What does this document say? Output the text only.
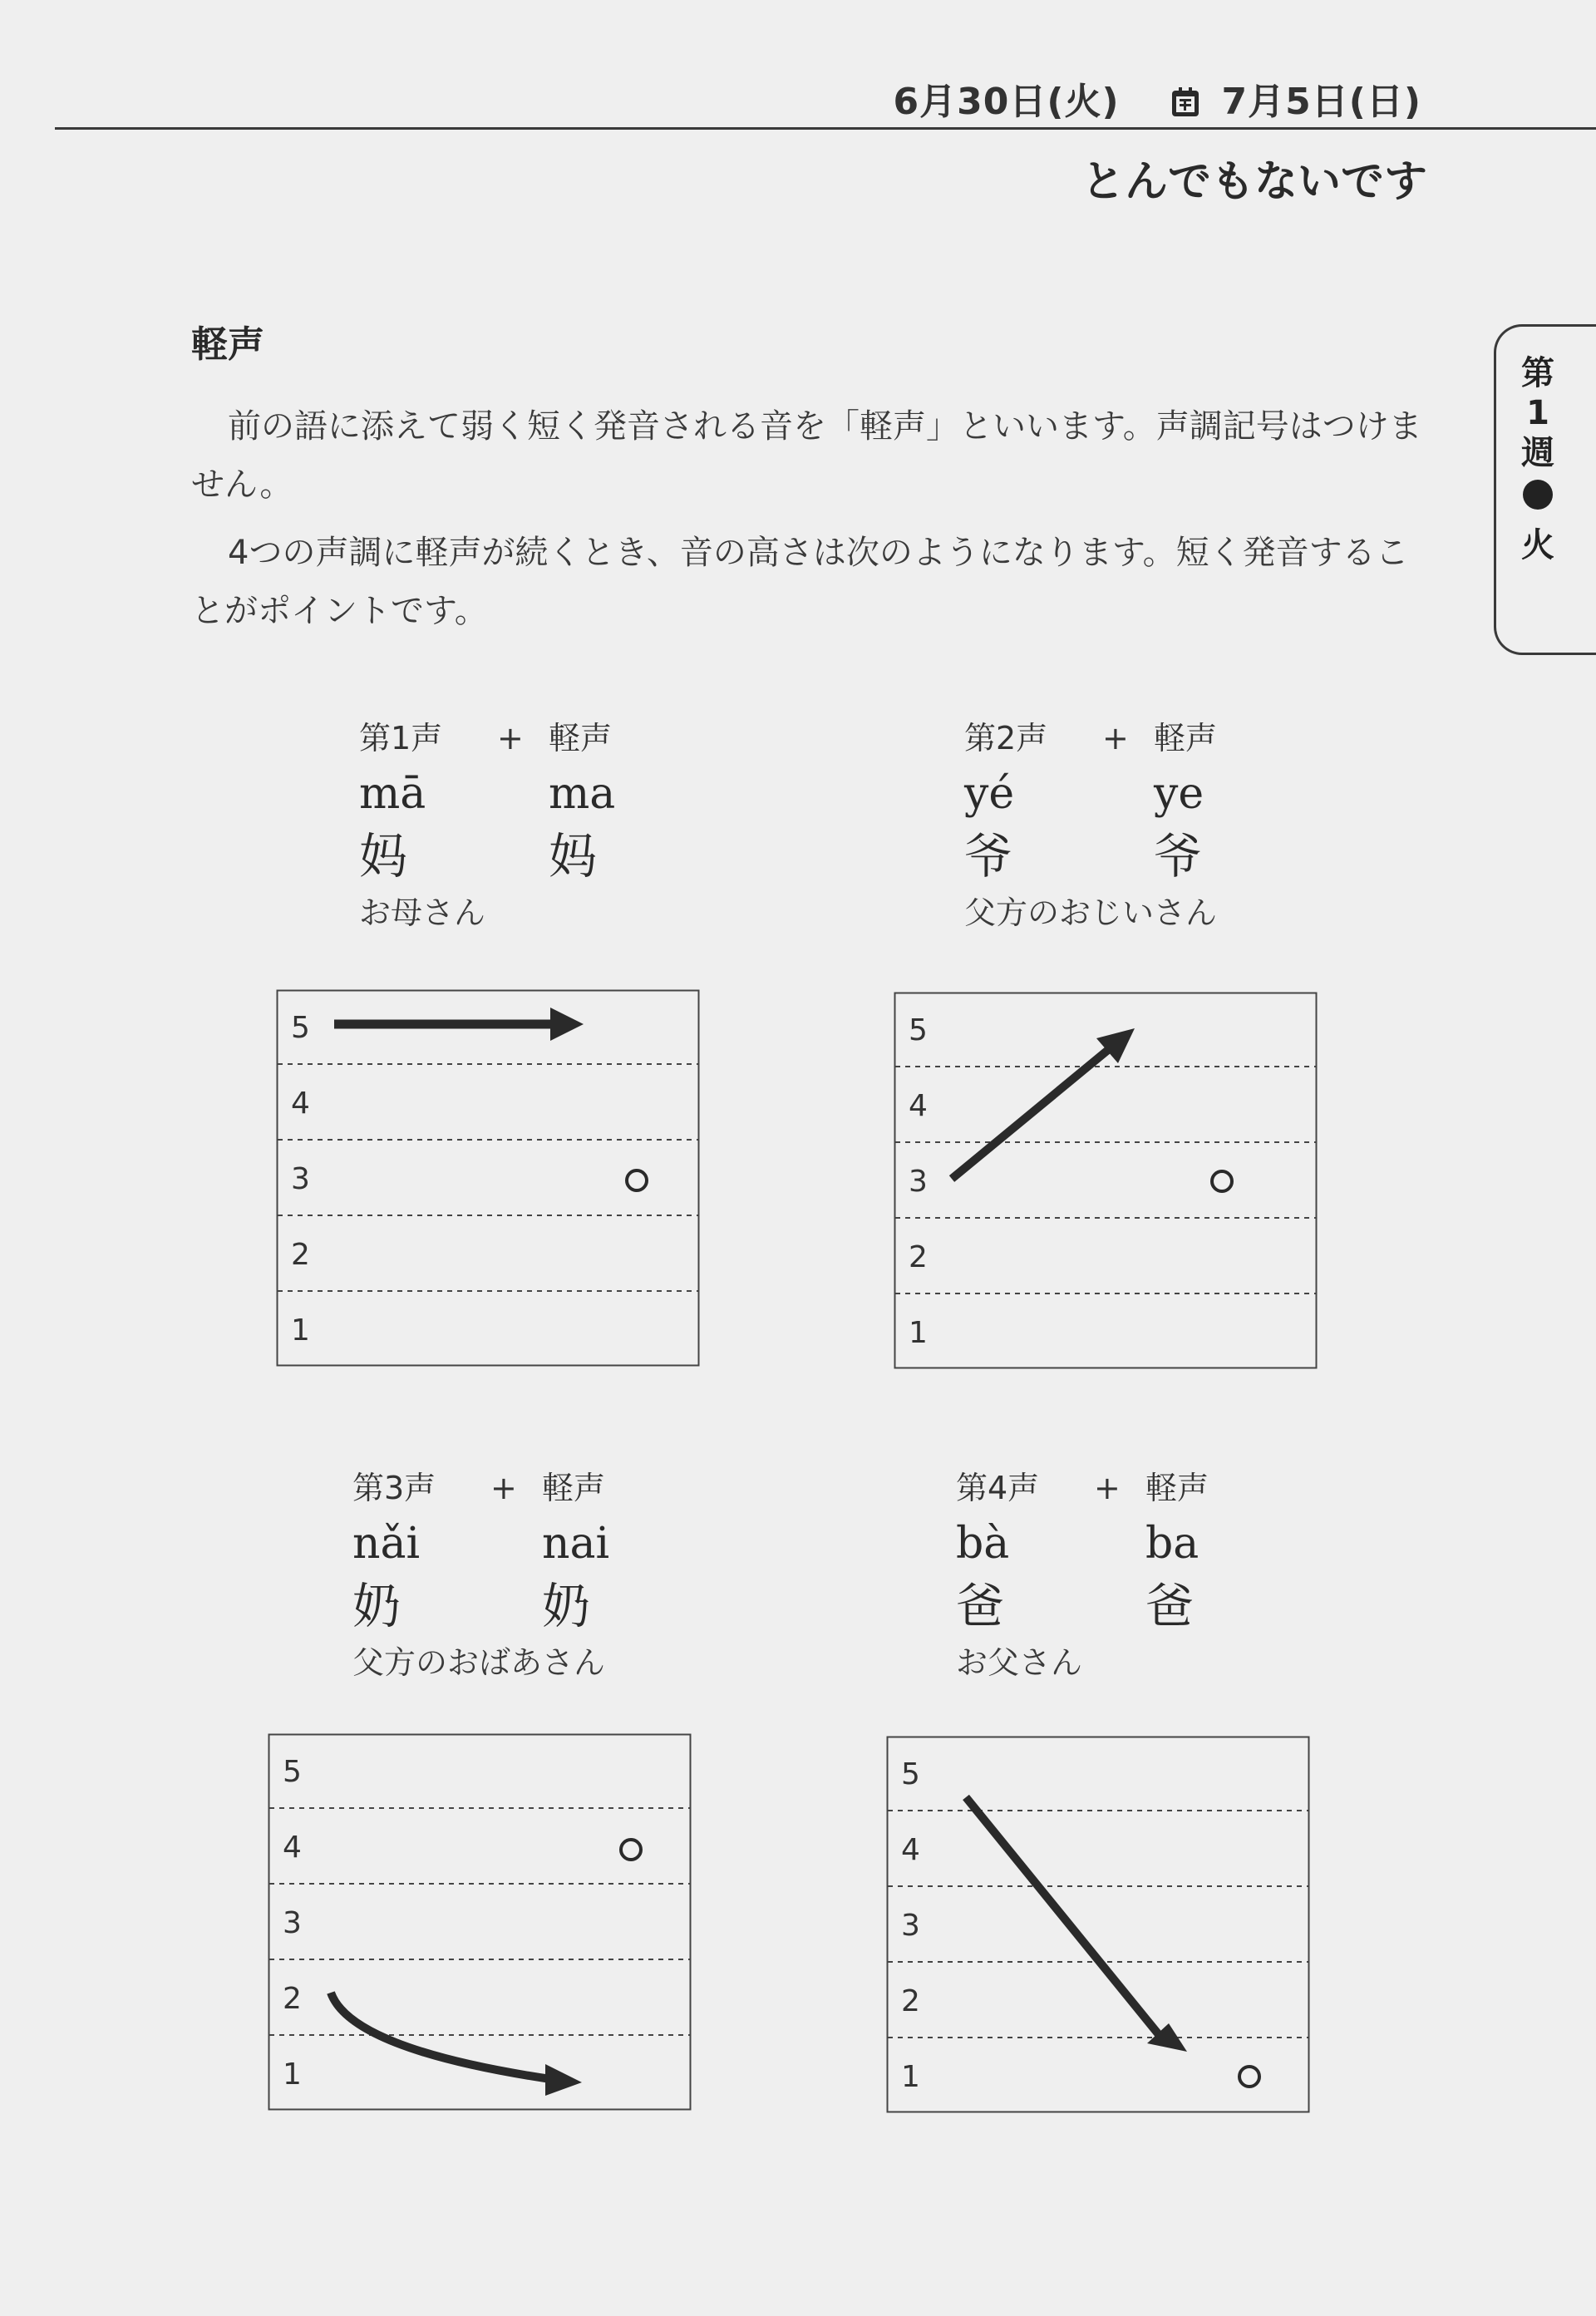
6月30日(火)	7月5日(日)
とんでもないです
第
1
週
火
軽声
前の語に添えて弱く短く発音される音を「軽声」といいます。声調記号はつけません。
4つの声調に軽声が続くとき、音の高さは次のようになります。短く発音することがポイントです。
第1声 + 軽声
mā	ma
妈	妈
お母さん
5
4
3
2
1
第2声 + 軽声
yé	ye
爷	爷
父方のおじいさん
5
4
3
2
1
第3声 + 軽声
nǎi	nai
奶	奶
父方のおばあさん
5
4
3
2
1
第4声 + 軽声
bà	ba
爸	爸
お父さん
5
4
3
2
1
